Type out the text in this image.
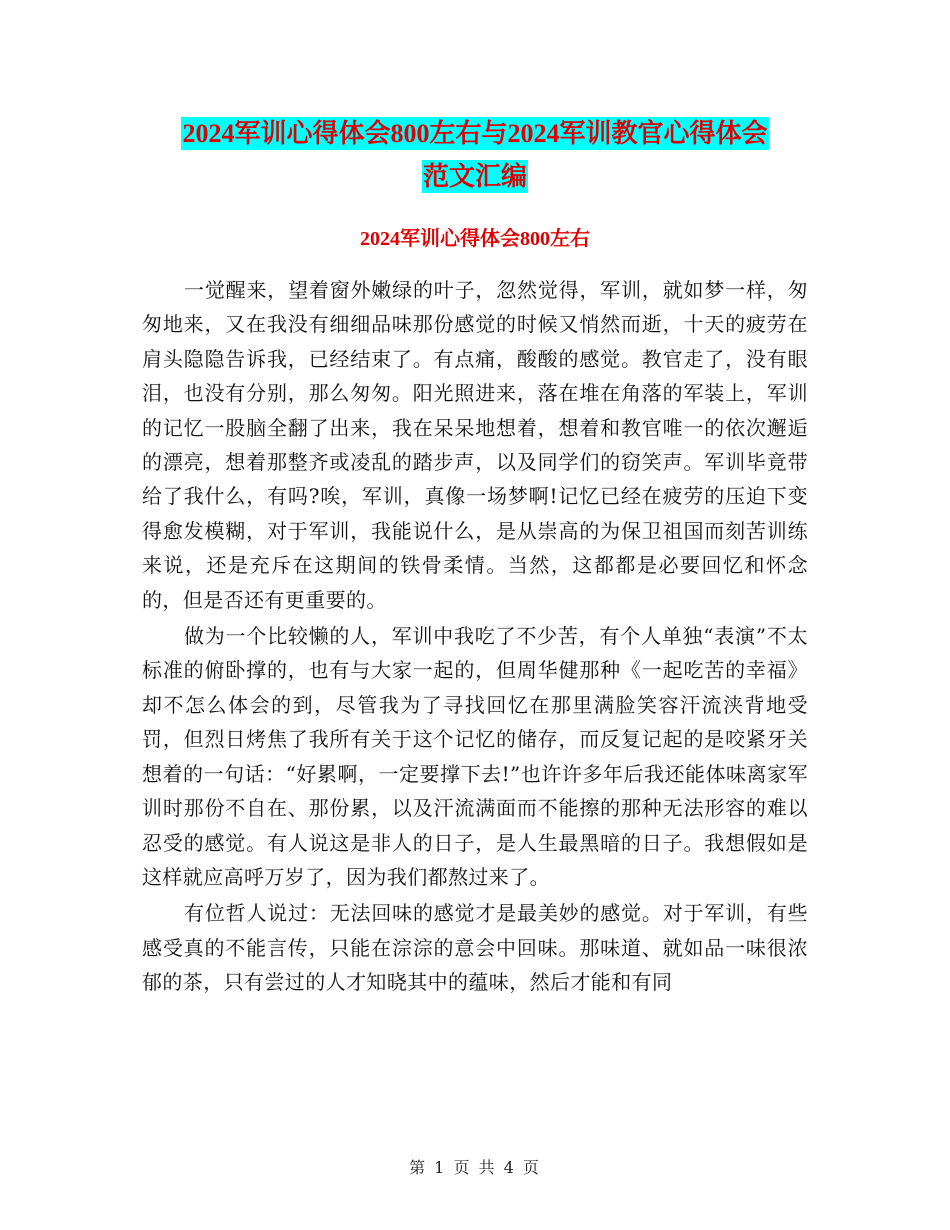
2024军训心得体会800左右与2024军训教官心得体会
范文汇编
2024军训心得体会800左右

一觉醒来，望着窗外嫩绿的叶子，忽然觉得，军训，就如梦一样，匆匆地来，又在我没有细细品味那份感觉的时候又悄然而逝，十天的疲劳在肩头隐隐告诉我，已经结束了。有点痛，酸酸的感觉。教官走了，没有眼泪，也没有分别，那么匆匆。阳光照进来，落在堆在角落的军装上，军训的记忆一股脑全翻了出来，我在呆呆地想着，想着和教官唯一的依次邂逅的漂亮，想着那整齐或凌乱的踏步声，以及同学们的窃笑声。军训毕竟带给了我什么，有吗?唉，军训，真像一场梦啊!记忆已经在疲劳的压迫下变得愈发模糊，对于军训，我能说什么，是从崇高的为保卫祖国而刻苦训练来说，还是充斥在这期间的铁骨柔情。当然，这都都是必要回忆和怀念的，但是否还有更重要的。

做为一个比较懒的人，军训中我吃了不少苦，有个人单独“表演”不太标准的俯卧撑的，也有与大家一起的，但周华健那种《一起吃苦的幸福》却不怎么体会的到，尽管我为了寻找回忆在那里满脸笑容汗流浃背地受罚，但烈日烤焦了我所有关于这个记忆的储存，而反复记起的是咬紧牙关想着的一句话：“好累啊，一定要撑下去!”也许许多年后我还能体味离家军训时那份不自在、那份累，以及汗流满面而不能擦的那种无法形容的难以忍受的感觉。有人说这是非人的日子，是人生最黑暗的日子。我想假如是这样就应高呼万岁了，因为我们都熬过来了。

有位哲人说过：无法回味的感觉才是最美妙的感觉。对于军训，有些感受真的不能言传，只能在淙淙的意会中回味。那味道、就如品一味很浓郁的茶，只有尝过的人才知晓其中的蕴味，然后才能和有同

第 1 页 共 4 页
